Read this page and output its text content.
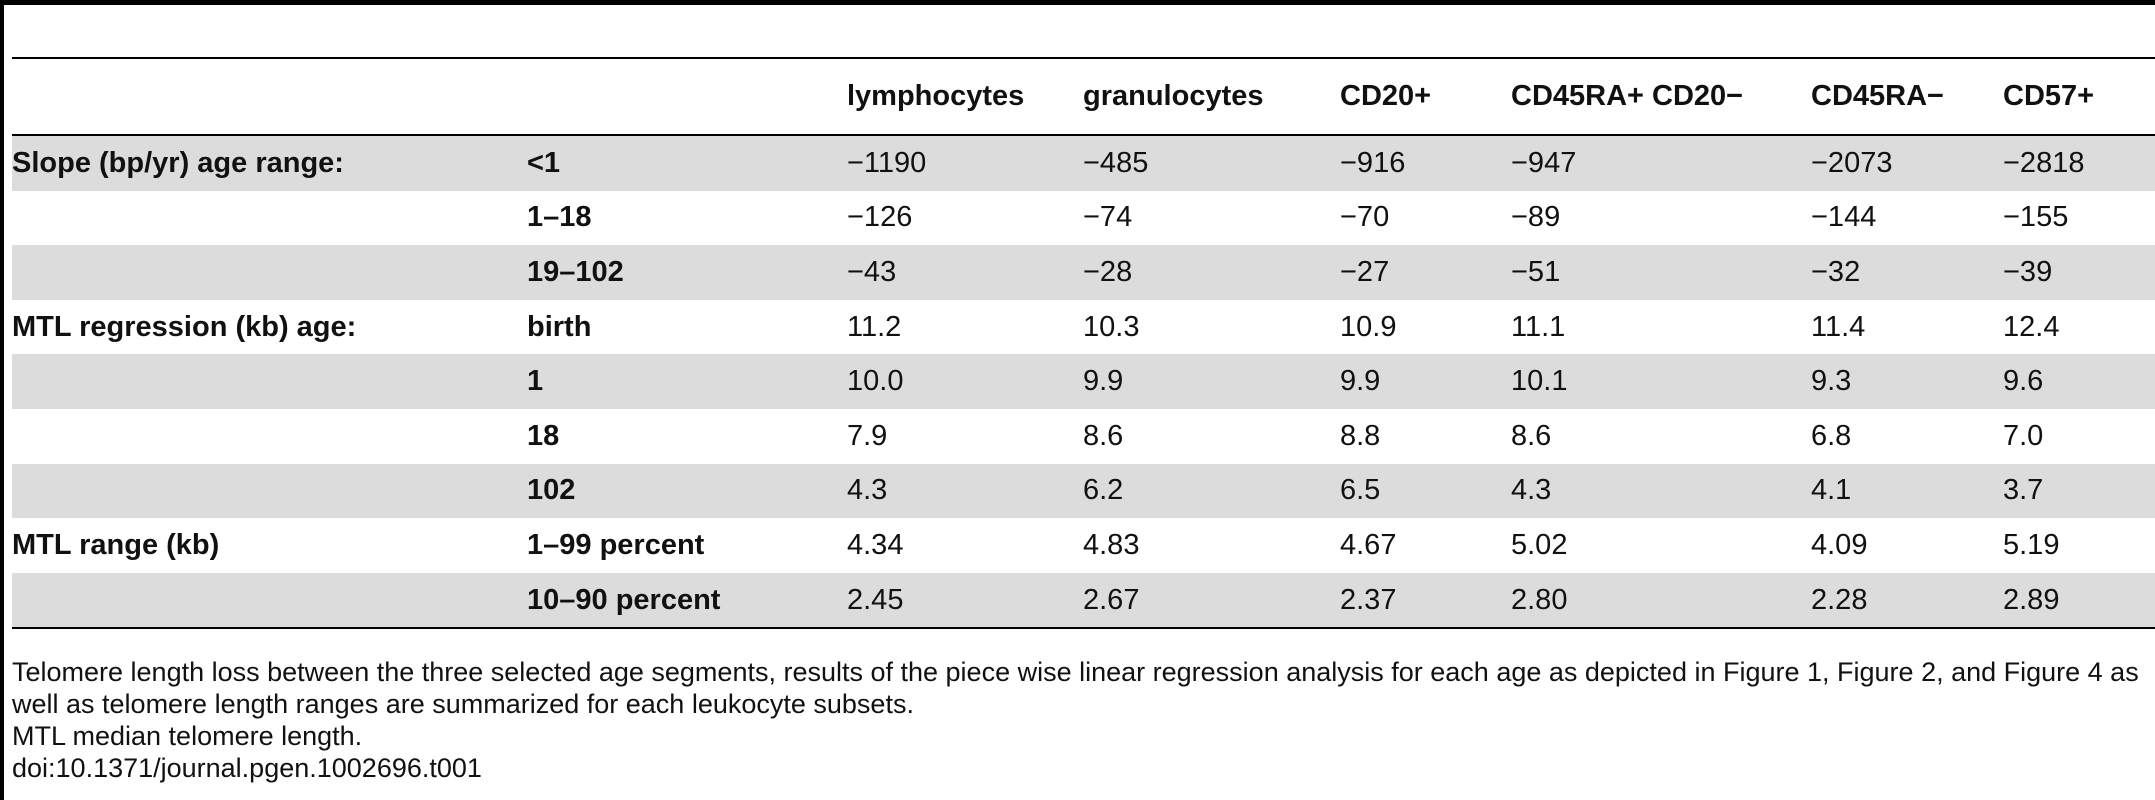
		lymphocytes	granulocytes	CD20+	CD45RA+ CD20−	CD45RA−	CD57+
Slope (bp/yr) age range:	<1	−1190	−485	−916	−947	−2073	−2818
	1–18	−126	−74	−70	−89	−144	−155
	19–102	−43	−28	−27	−51	−32	−39
MTL regression (kb) age:	birth	11.2	10.3	10.9	11.1	11.4	12.4
	1	10.0	9.9	9.9	10.1	9.3	9.6
	18	7.9	8.6	8.8	8.6	6.8	7.0
	102	4.3	6.2	6.5	4.3	4.1	3.7
MTL range (kb)	1–99 percent	4.34	4.83	4.67	5.02	4.09	5.19
	10–90 percent	2.45	2.67	2.37	2.80	2.28	2.89

Telomere length loss between the three selected age segments, results of the piece wise linear regression analysis for each age as depicted in Figure 1, Figure 2, and Figure 4 as well as telomere length ranges are summarized for each leukocyte subsets.

MTL median telomere length.

doi:10.1371/journal.pgen.1002696.t001
